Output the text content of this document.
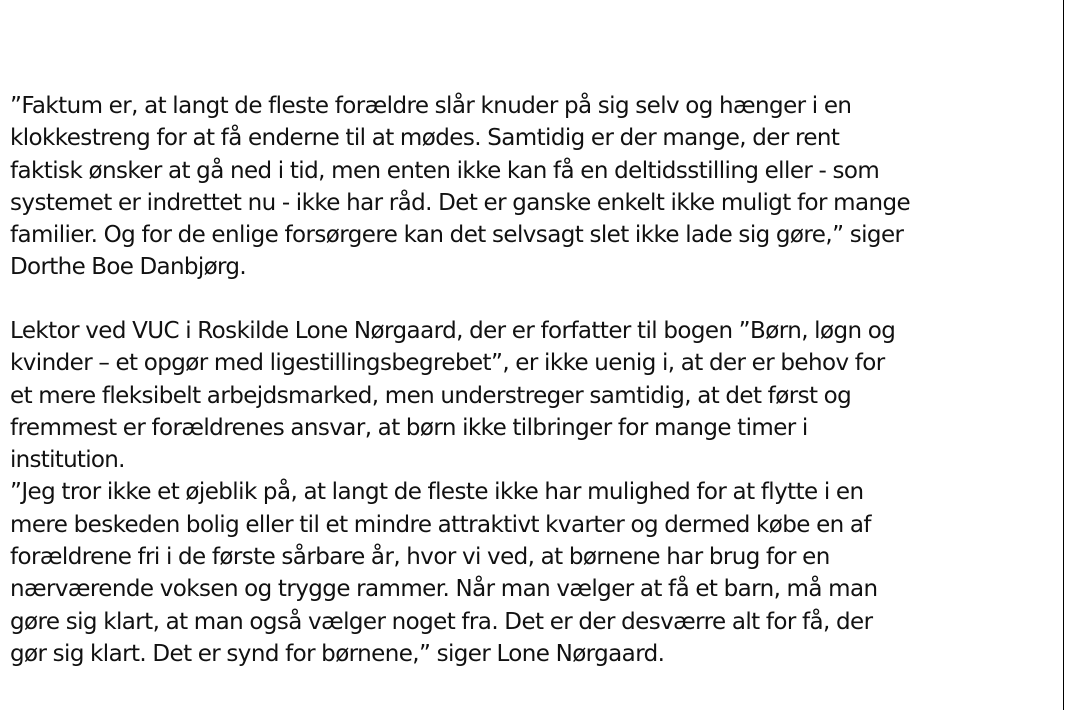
”Faktum er, at langt de fleste forældre slår knuder på sig selv og hænger i en
klokkestreng for at få enderne til at mødes. Samtidig er der mange, der rent
faktisk ønsker at gå ned i tid, men enten ikke kan få en deltidsstilling eller - som
systemet er indrettet nu - ikke har råd. Det er ganske enkelt ikke muligt for mange
familier. Og for de enlige forsørgere kan det selvsagt slet ikke lade sig gøre,” siger
Dorthe Boe Danbjørg.
Lektor ved VUC i Roskilde Lone Nørgaard, der er forfatter til bogen ”Børn, løgn og
kvinder – et opgør med ligestillingsbegrebet”, er ikke uenig i, at der er behov for
et mere fleksibelt arbejdsmarked, men understreger samtidig, at det først og
fremmest er forældrenes ansvar, at børn ikke tilbringer for mange timer i
institution.
”Jeg tror ikke et øjeblik på, at langt de fleste ikke har mulighed for at flytte i en
mere beskeden bolig eller til et mindre attraktivt kvarter og dermed købe en af
forældrene fri i de første sårbare år, hvor vi ved, at børnene har brug for en
nærværende voksen og trygge rammer. Når man vælger at få et barn, må man
gøre sig klart, at man også vælger noget fra. Det er der desværre alt for få, der
gør sig klart. Det er synd for børnene,” siger Lone Nørgaard.
